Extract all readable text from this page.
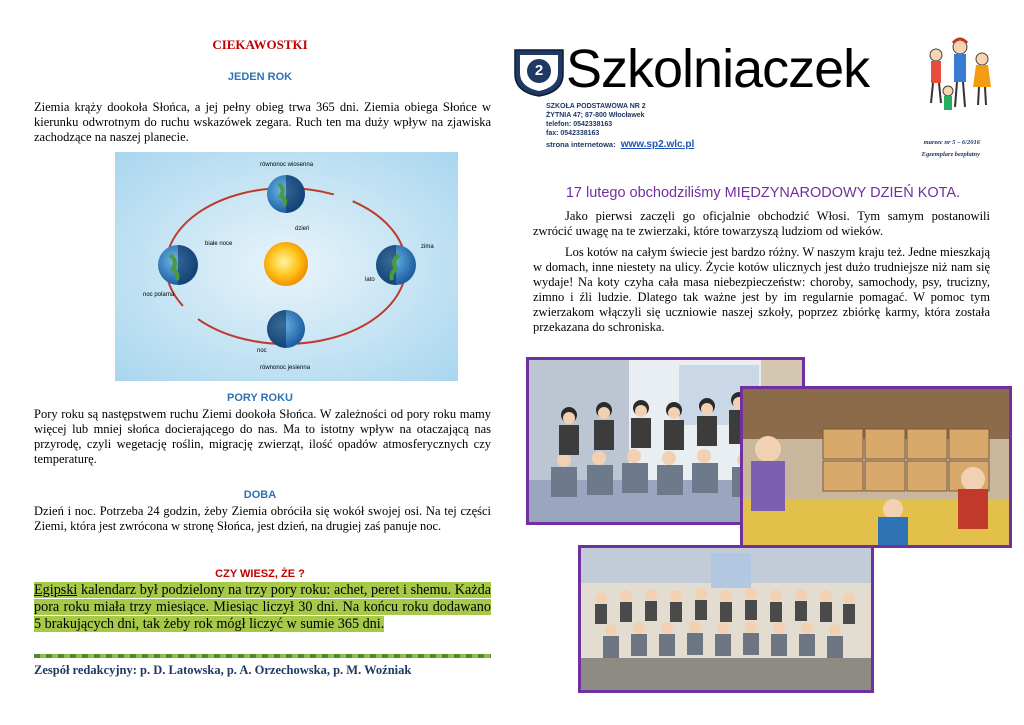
CIEKAWOSTKI
JEDEN ROK
Ziemia krąży dookoła Słońca, a jej pełny obieg trwa 365 dni. Ziemia obiega Słońce w kierunku odwrotnym do ruchu wskazówek zegara. Ruch ten ma duży wpływ na zjawiska zachodzące na naszej planecie.
równonoc wiosenna
dzień
białe noce
noc polarna
zima
lato
noc
równonoc jesienna
PORY ROKU
Pory roku są następstwem ruchu Ziemi dookoła Słońca. W zależności od pory roku mamy więcej lub mniej słońca docierającego do nas. Ma to istotny wpływ na otaczającą nas przyrodę, czyli wegetację roślin, migrację zwierząt, ilość opadów atmosferycznych czy temperaturę.
DOBA
Dzień i noc. Potrzeba 24 godzin, żeby Ziemia obróciła się wokół swojej osi. Na tej części Ziemi, która jest zwrócona w stronę Słońca, jest dzień, na drugiej zaś panuje noc.
CZY WIESZ, ŻE ?
Egipski kalendarz był podzielony na trzy pory roku: achet, peret i shemu. Każda pora roku miała trzy miesiące. Miesiąc liczył 30 dni. Na końcu roku dodawano 5 brakujących dni, tak żeby rok mógł liczyć w sumie 365 dni.
Zespół redakcyjny: p. D. Latowska, p. A. Orzechowska, p. M. Woźniak
WŁOCŁAWEK
2 Szkolniaczek
SZKOŁA PODSTAWOWA NR 2
ŻYTNIA 47; 87-800 Włocławek
telefon: 0542338163
fax: 0542338163
strona internetowa: www.sp2.wlc.pl	marzec nr 5 – 6/2016
Egzemplarz bezpłatny
17 lutego obchodziliśmy MIĘDZYNARODOWY DZIEŃ KOTA.
Jako pierwsi zaczęli go oficjalnie obchodzić Włosi. Tym samym postanowili zwrócić uwagę na te zwierzaki, które towarzyszą ludziom od wieków.
Los kotów na całym świecie jest bardzo różny. W naszym kraju też. Jedne mieszkają w domach, inne niestety na ulicy. Życie kotów ulicznych jest dużo trudniejsze niż nam się wydaje! Na koty czyha cała masa niebezpieczeństw: choroby, samochody, psy, trucizny, zimno i źli ludzie. Dlatego tak ważne jest by im regularnie pomagać. W pomoc tym zwierzakom włączyli się uczniowie naszej szkoły, poprzez zbiórkę karmy, która została przekazana do schroniska.
